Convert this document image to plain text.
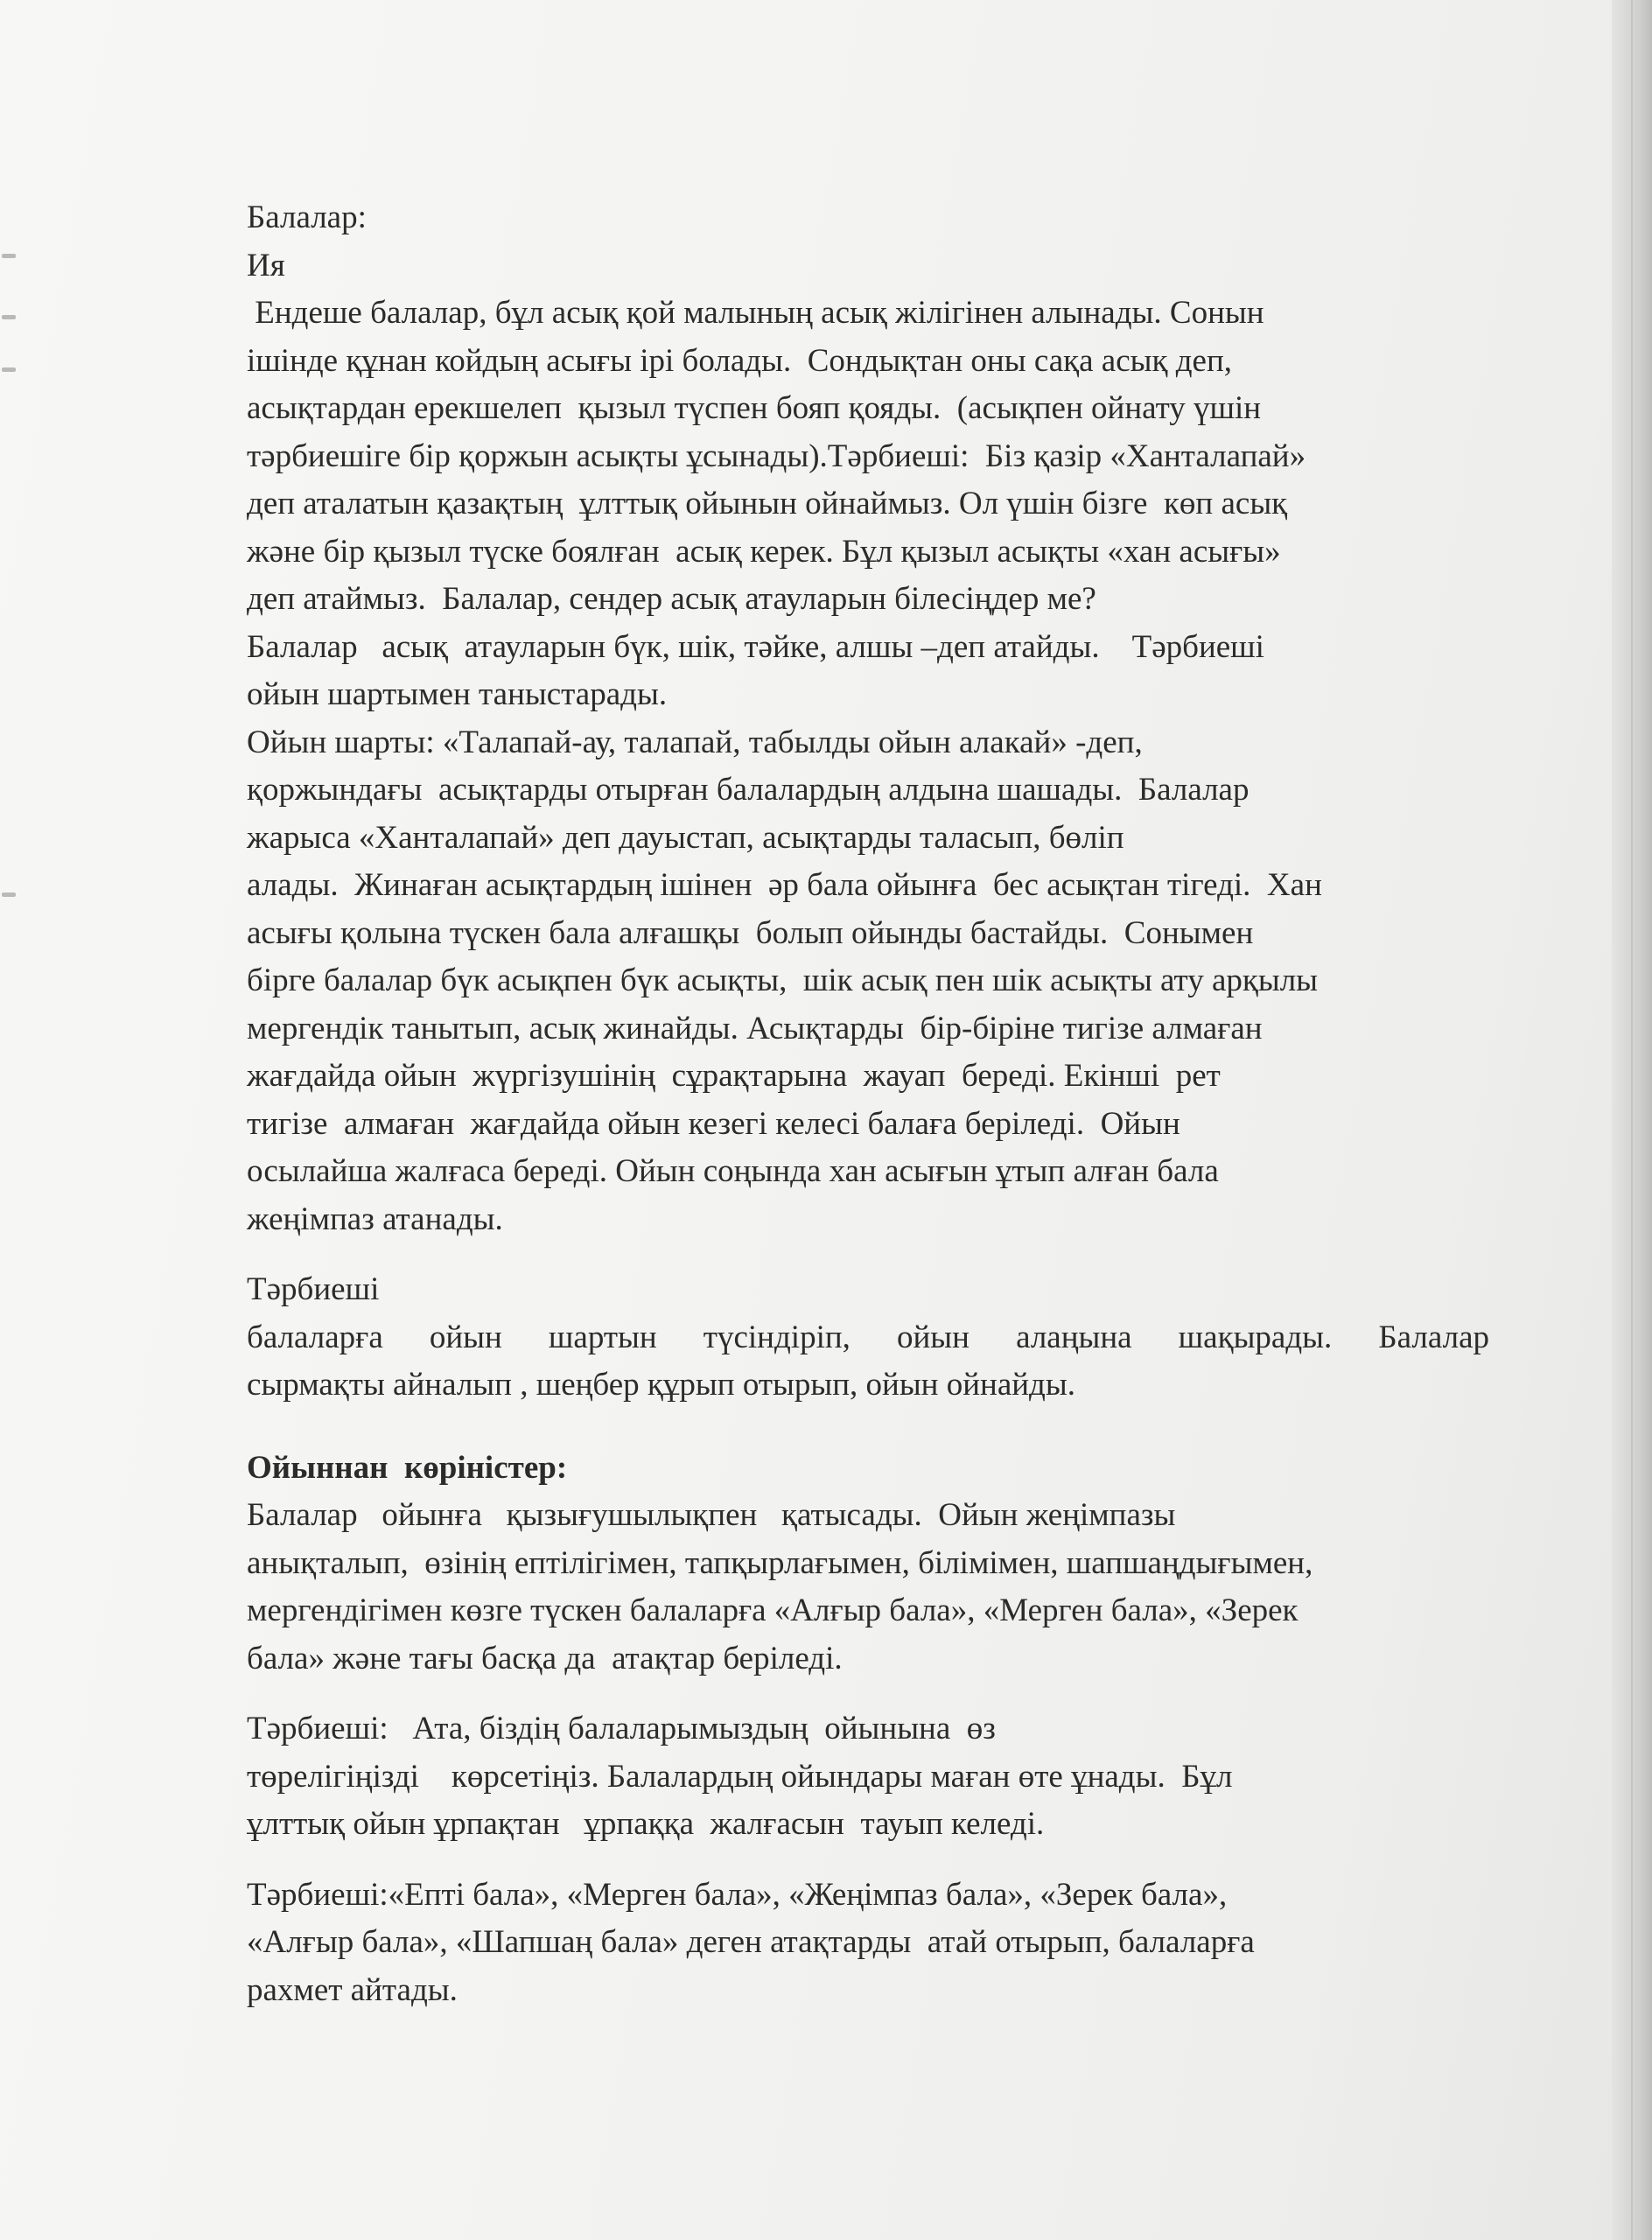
Балалар:
Ия
Ендеше балалар, бұл асық қой малының асық жілігінен алынады. Сонын
ішінде құнан койдың асығы ірі болады.  Сондықтан оны сақа асық деп,
асықтардан ерекшелеп  қызыл түспен бояп қояды.  (асықпен ойнату үшін
тәрбиешіге бір қоржын асықты ұсынады).Тәрбиеші:  Біз қазір «Ханталапай»
деп аталатын қазақтың  ұлттық ойынын ойнаймыз. Ол үшін бізге  көп асық
және бір қызыл түске боялған  асық керек. Бұл қызыл асықты «хан асығы»
деп атаймыз.  Балалар, сендер асық атауларын білесіңдер ме?
Балалар   асық  атауларын бүк, шік, тәйке, алшы –деп атайды.    Тәрбиеші
ойын шартымен таныстарады.
Ойын шарты: «Талапай-ау, талапай, табылды ойын алакай» -деп,
қоржындағы  асықтарды отырған балалардың алдына шашады.  Балалар
жарыса «Ханталапай» деп дауыстап, асықтарды таласып, бөліп
алады.  Жинаған асықтардың ішінен  әр бала ойынға  бес асықтан тігеді.  Хан
асығы қолына түскен бала алғашқы  болып ойынды бастайды.  Сонымен
бірге балалар бүк асықпен бүк асықты,  шік асық пен шік асықты ату арқылы
мергендік танытып, асық жинайды. Асықтарды  бір-біріне тигізе алмаған
жағдайда ойын  жүргізушінің  сұрақтарына  жауап  береді. Екінші  рет
тигізе  алмаған  жағдайда ойын кезегі келесі балаға беріледі.  Ойын
осылайша жалғаса береді. Ойын соңында хан асығын ұтып алған бала
жеңімпаз атанады.
Тәрбиеші
балаларға ойын шартын түсіндіріп, ойын алаңына шақырады. Балалар
сырмақты айналып , шеңбер құрып отырып, ойын ойнайды.
Ойыннан  көріністер:
Балалар   ойынға   қызығушылықпен   қатысады.  Ойын жеңімпазы
анықталып,  өзінің ептілігімен, тапқырлағымен, білімімен, шапшаңдығымен,
мергендігімен көзге түскен балаларға «Алғыр бала», «Мерген бала», «Зерек
бала» және тағы басқа да  атақтар беріледі.
Тәрбиеші:   Ата, біздің балаларымыздың  ойынына  өз
төрелігіңізді    көрсетіңіз. Балалардың ойындары маған өте ұнады.  Бұл
ұлттық ойын ұрпақтан   ұрпаққа  жалғасын  тауып келеді.
Тәрбиеші:«Епті бала», «Мерген бала», «Жеңімпаз бала», «Зерек бала»,
«Алғыр бала», «Шапшаң бала» деген атақтарды  атай отырып, балаларға
рахмет айтады.
